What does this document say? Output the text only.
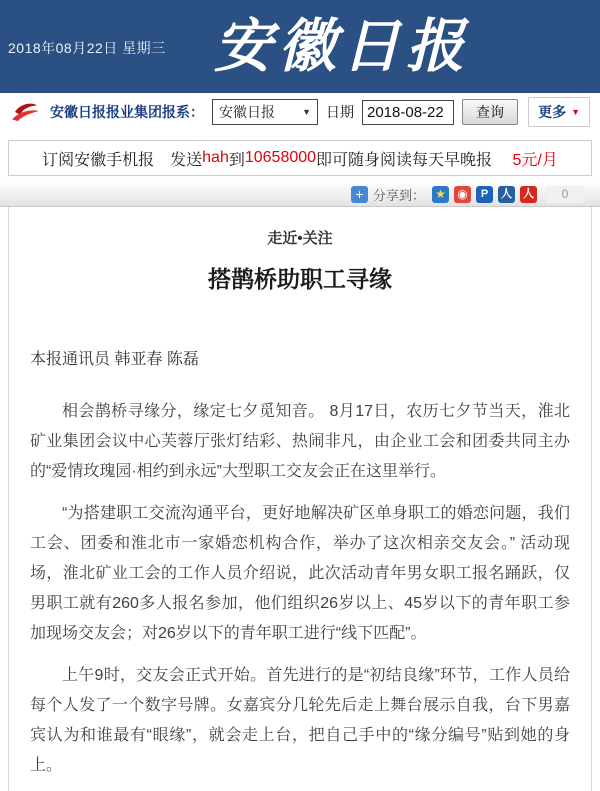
2018年08月22日 星期三 安徽日报
安徽日报报业集团报系： 安徽日报	▼ 日期
2018-08-22	查询	更多 ▼
订阅安徽手机报　发送 hah 到 10658000 即可随身阅读每天早晚报　 5元/月
+ 分享到： ★ ◉	P	人 人	0
走近•关注
搭鹊桥助职工寻缘
本报通讯员 韩亚春 陈磊

相会鹊桥寻缘分，缘定七夕觅知音。 8月17日，农历七夕节当天，淮北矿业集团会议中心芙蓉厅张灯结彩、热闹非凡，由企业工会和团委共同主办的“爱情玫瑰园·相约到永远”大型职工交友会正在这里举行。

“为搭建职工交流沟通平台，更好地解决矿区单身职工的婚恋问题，我们工会、团委和淮北市一家婚恋机构合作，举办了这次相亲交友会。” 活动现场，淮北矿业工会的工作人员介绍说，此次活动青年男女职工报名踊跃，仅男职工就有260多人报名参加，他们组织26岁以上、45岁以下的青年职工参加现场交友会；对26岁以下的青年职工进行“线下匹配”。

上午9时，交友会正式开始。首先进行的是“初结良缘”环节，工作人员给每个人发了一个数字号牌。女嘉宾分几轮先后走上舞台展示自我，台下男嘉宾认为和谁最有“眼缘”，就会走上台，把自己手中的“缘分编号”贴到她的身上。
